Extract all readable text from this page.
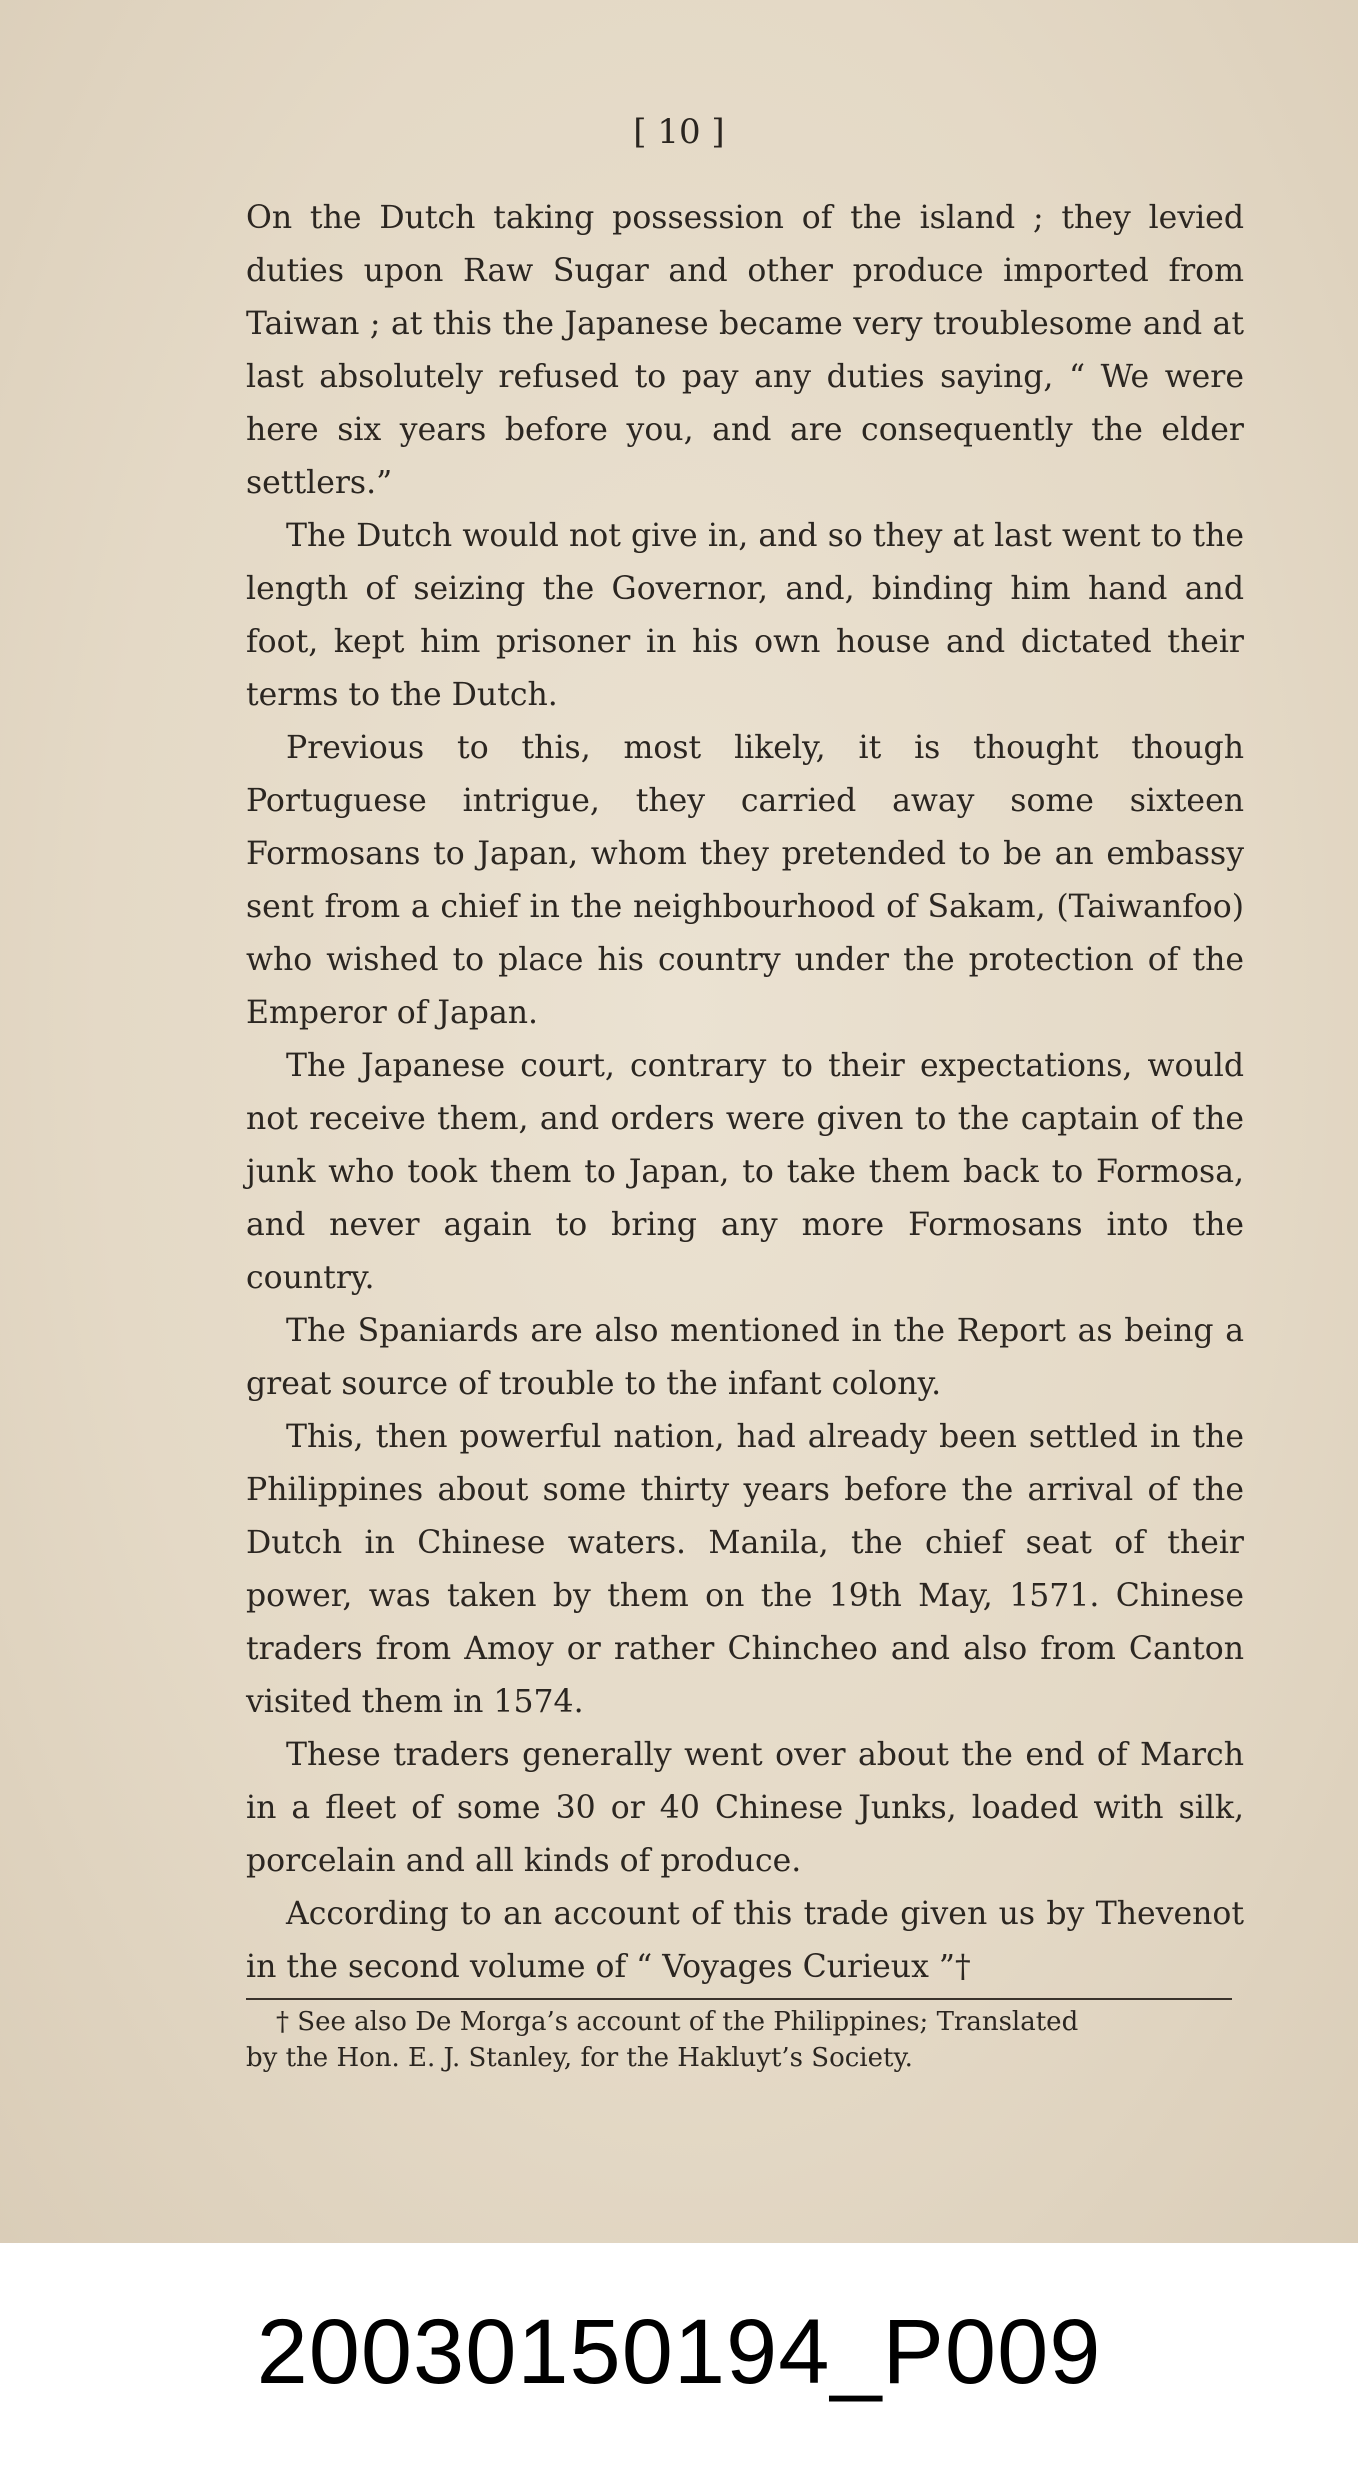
[ 10 ]

On the Dutch taking possession of the island ; they levied duties upon Raw Sugar and other produce imported from Taiwan ; at this the Japanese became very troublesome and at last absolutely refused to pay any duties saying, “ We were here six years before you, and are consequently the elder settlers.”

The Dutch would not give in, and so they at last went to the length of seizing the Governor, and, binding him hand and foot, kept him prisoner in his own house and dictated their terms to the Dutch.

Previous to this, most likely, it is thought though Portuguese intrigue, they carried away some sixteen Formosans to Japan, whom they pretended to be an embassy sent from a chief in the neighbourhood of Sakam, (Taiwanfoo) who wished to place his country under the protection of the Emperor of Japan.

The Japanese court, contrary to their expectations, would not receive them, and orders were given to the captain of the junk who took them to Japan, to take them back to Formosa, and never again to bring any more Formosans into the country.

The Spaniards are also mentioned in the Report as being a great source of trouble to the infant colony.

This, then powerful nation, had already been settled in the Philippines about some thirty years before the arrival of the Dutch in Chinese waters. Manila, the chief seat of their power, was taken by them on the 19th May, 1571. Chinese traders from Amoy or rather Chincheo and also from Canton visited them in 1574.

These traders generally went over about the end of March in a fleet of some 30 or 40 Chinese Junks, loaded with silk, porcelain and all kinds of produce.

According to an account of this trade given us by Thevenot in the second volume of “ Voyages Curieux ”†

† See also De Morga’s account of the Philippines; Translated
by the Hon. E. J. Stanley, for the Hakluyt’s Society.
20030150194_P009
